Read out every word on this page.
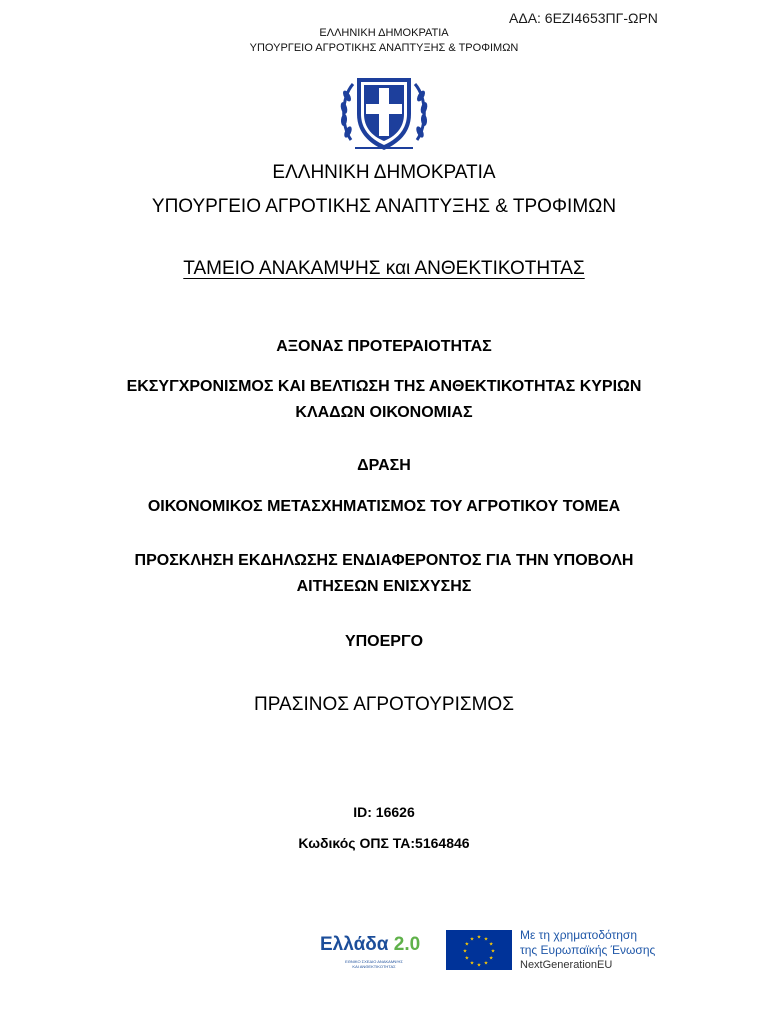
ΑΔΑ: 6ΕΖΙ4653ΠΓ-ΩΡΝ
ΕΛΛΗΝΙΚΗ ΔΗΜΟΚΡΑΤΙΑ
ΥΠΟΥΡΓΕΙΟ ΑΓΡΟΤΙΚΗΣ ΑΝΑΠΤΥΞΗΣ & ΤΡΟΦΙΜΩΝ
ΕΛΛΗΝΙΚΗ ΔΗΜΟΚΡΑΤΙΑ
ΥΠΟΥΡΓΕΙΟ ΑΓΡΟΤΙΚΗΣ ΑΝΑΠΤΥΞΗΣ & ΤΡΟΦΙΜΩΝ
ΤΑΜΕΙΟ ΑΝΑΚΑΜΨΗΣ και ΑΝΘΕΚΤΙΚΟΤΗΤΑΣ
ΑΞΟΝΑΣ ΠΡΟΤΕΡΑΙΟΤΗΤΑΣ
ΕΚΣΥΓΧΡΟΝΙΣΜΟΣ ΚΑΙ ΒΕΛΤΙΩΣΗ ΤΗΣ ΑΝΘΕΚΤΙΚΟΤΗΤΑΣ ΚΥΡΙΩΝ
ΚΛΑΔΩΝ ΟΙΚΟΝΟΜΙΑΣ
ΔΡΑΣΗ
ΟΙΚΟΝΟΜΙΚΟΣ ΜΕΤΑΣΧΗΜΑΤΙΣΜΟΣ ΤΟΥ ΑΓΡΟΤΙΚΟΥ ΤΟΜΕΑ
ΠΡΟΣΚΛΗΣΗ ΕΚΔΗΛΩΣΗΣ ΕΝΔΙΑΦΕΡΟΝΤΟΣ ΓΙΑ ΤΗΝ ΥΠΟΒΟΛΗ
ΑΙΤΗΣΕΩΝ ΕΝΙΣΧΥΣΗΣ
ΥΠΟΕΡΓΟ
ΠΡΑΣΙΝΟΣ ΑΓΡΟΤΟΥΡΙΣΜΟΣ
ID: 16626
Κωδικός ΟΠΣ ΤΑ:5164846
Ελλάδα 2.0
ΕΘΝΙΚΟ ΣΧΕΔΙΟ ΑΝΑΚΑΜΨΗΣ
ΚΑΙ ΑΝΘΕΚΤΙΚΟΤΗΤΑΣ
★ ★
★
★
★
★
★
★
★
★
★
★	Με τη χρηματοδότηση
της Ευρωπαϊκής Ένωσης
NextGenerationEU
